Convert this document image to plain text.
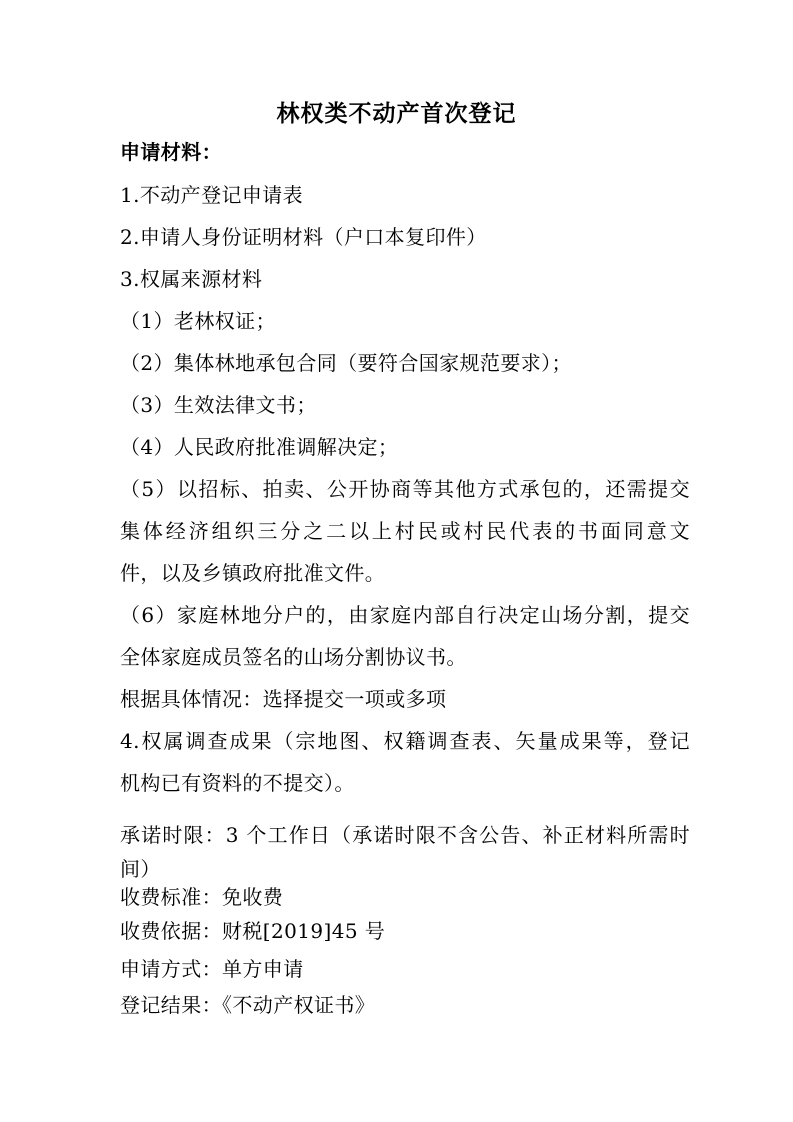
林权类不动产首次登记
申请材料：
1.不动产登记申请表
2.申请人身份证明材料（户口本复印件）
3.权属来源材料
（1）老林权证；
（2）集体林地承包合同（要符合国家规范要求）；
（3）生效法律文书；
（4）人民政府批准调解决定；
（5）以招标、拍卖、公开协商等其他方式承包的，还需提交
集体经济组织三分之二以上村民或村民代表的书面同意文
件，以及乡镇政府批准文件。
（6）家庭林地分户的，由家庭内部自行决定山场分割，提交
全体家庭成员签名的山场分割协议书。
根据具体情况：选择提交一项或多项
4.权属调查成果（宗地图、权籍调查表、矢量成果等，登记
机构已有资料的不提交）。
承诺时限：3 个工作日（承诺时限不含公告、补正材料所需时
间）
收费标准：免收费
收费依据：财税[2019]45 号
申请方式：单方申请
登记结果：《不动产权证书》
